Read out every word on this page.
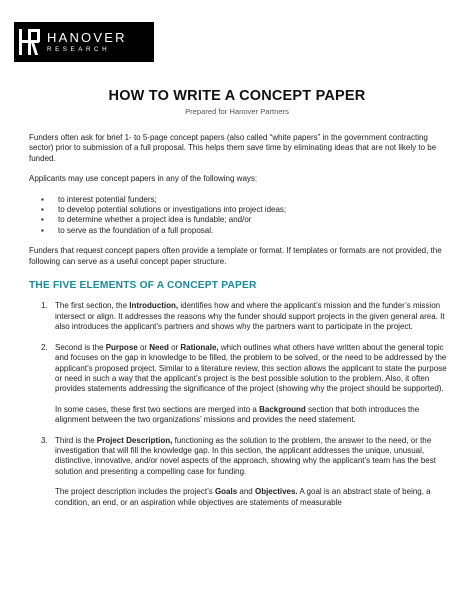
HANOVER
RESEARCH
HOW TO WRITE A CONCEPT PAPER
Prepared for Hanover Partners

Funders often ask for brief 1- to 5-page concept papers (also called “white papers” in the government contracting sector) prior to submission of a full proposal. This helps them save time by eliminating ideas that are not likely to be funded.

Applicants may use concept papers in any of the following ways:

▪ to interest potential funders;
▪ to develop potential solutions or investigations into project ideas;
▪ to determine whether a project idea is fundable; and/or
▪ to serve as the foundation of a full proposal.

Funders that request concept papers often provide a template or format. If templates or formats are not provided, the following can serve as a useful concept paper structure.

THE FIVE ELEMENTS OF A CONCEPT PAPER
1. The first section, the Introduction, identifies how and where the applicant’s mission and the funder’s mission intersect or align. It addresses the reasons why the funder should support projects in the given general area. It also introduces the applicant’s partners and shows why the partners want to participate in the project.

2. Second is the Purpose or Need or Rationale, which outlines what others have written about the general topic and focuses on the gap in knowledge to be filled, the problem to be solved, or the need to be addressed by the applicant’s proposed project. Similar to a literature review, this section allows the applicant to state the purpose or need in such a way that the applicant’s project is the best possible solution to the problem. Also, it often provides statements addressing the significance of the project (showing why the project should be supported).

In some cases, these first two sections are merged into a Background section that both introduces the alignment between the two organizations’ missions and provides the need statement.

3. Third is the Project Description, functioning as the solution to the problem, the answer to the need, or the investigation that will fill the knowledge gap. In this section, the applicant addresses the unique, unusual, distinctive, innovative, and/or novel aspects of the approach, showing why the applicant’s team has the best solution and presenting a compelling case for funding.

The project description includes the project’s Goals and Objectives. A goal is an abstract state of being, a condition, an end, or an aspiration while objectives are statements of measurable
